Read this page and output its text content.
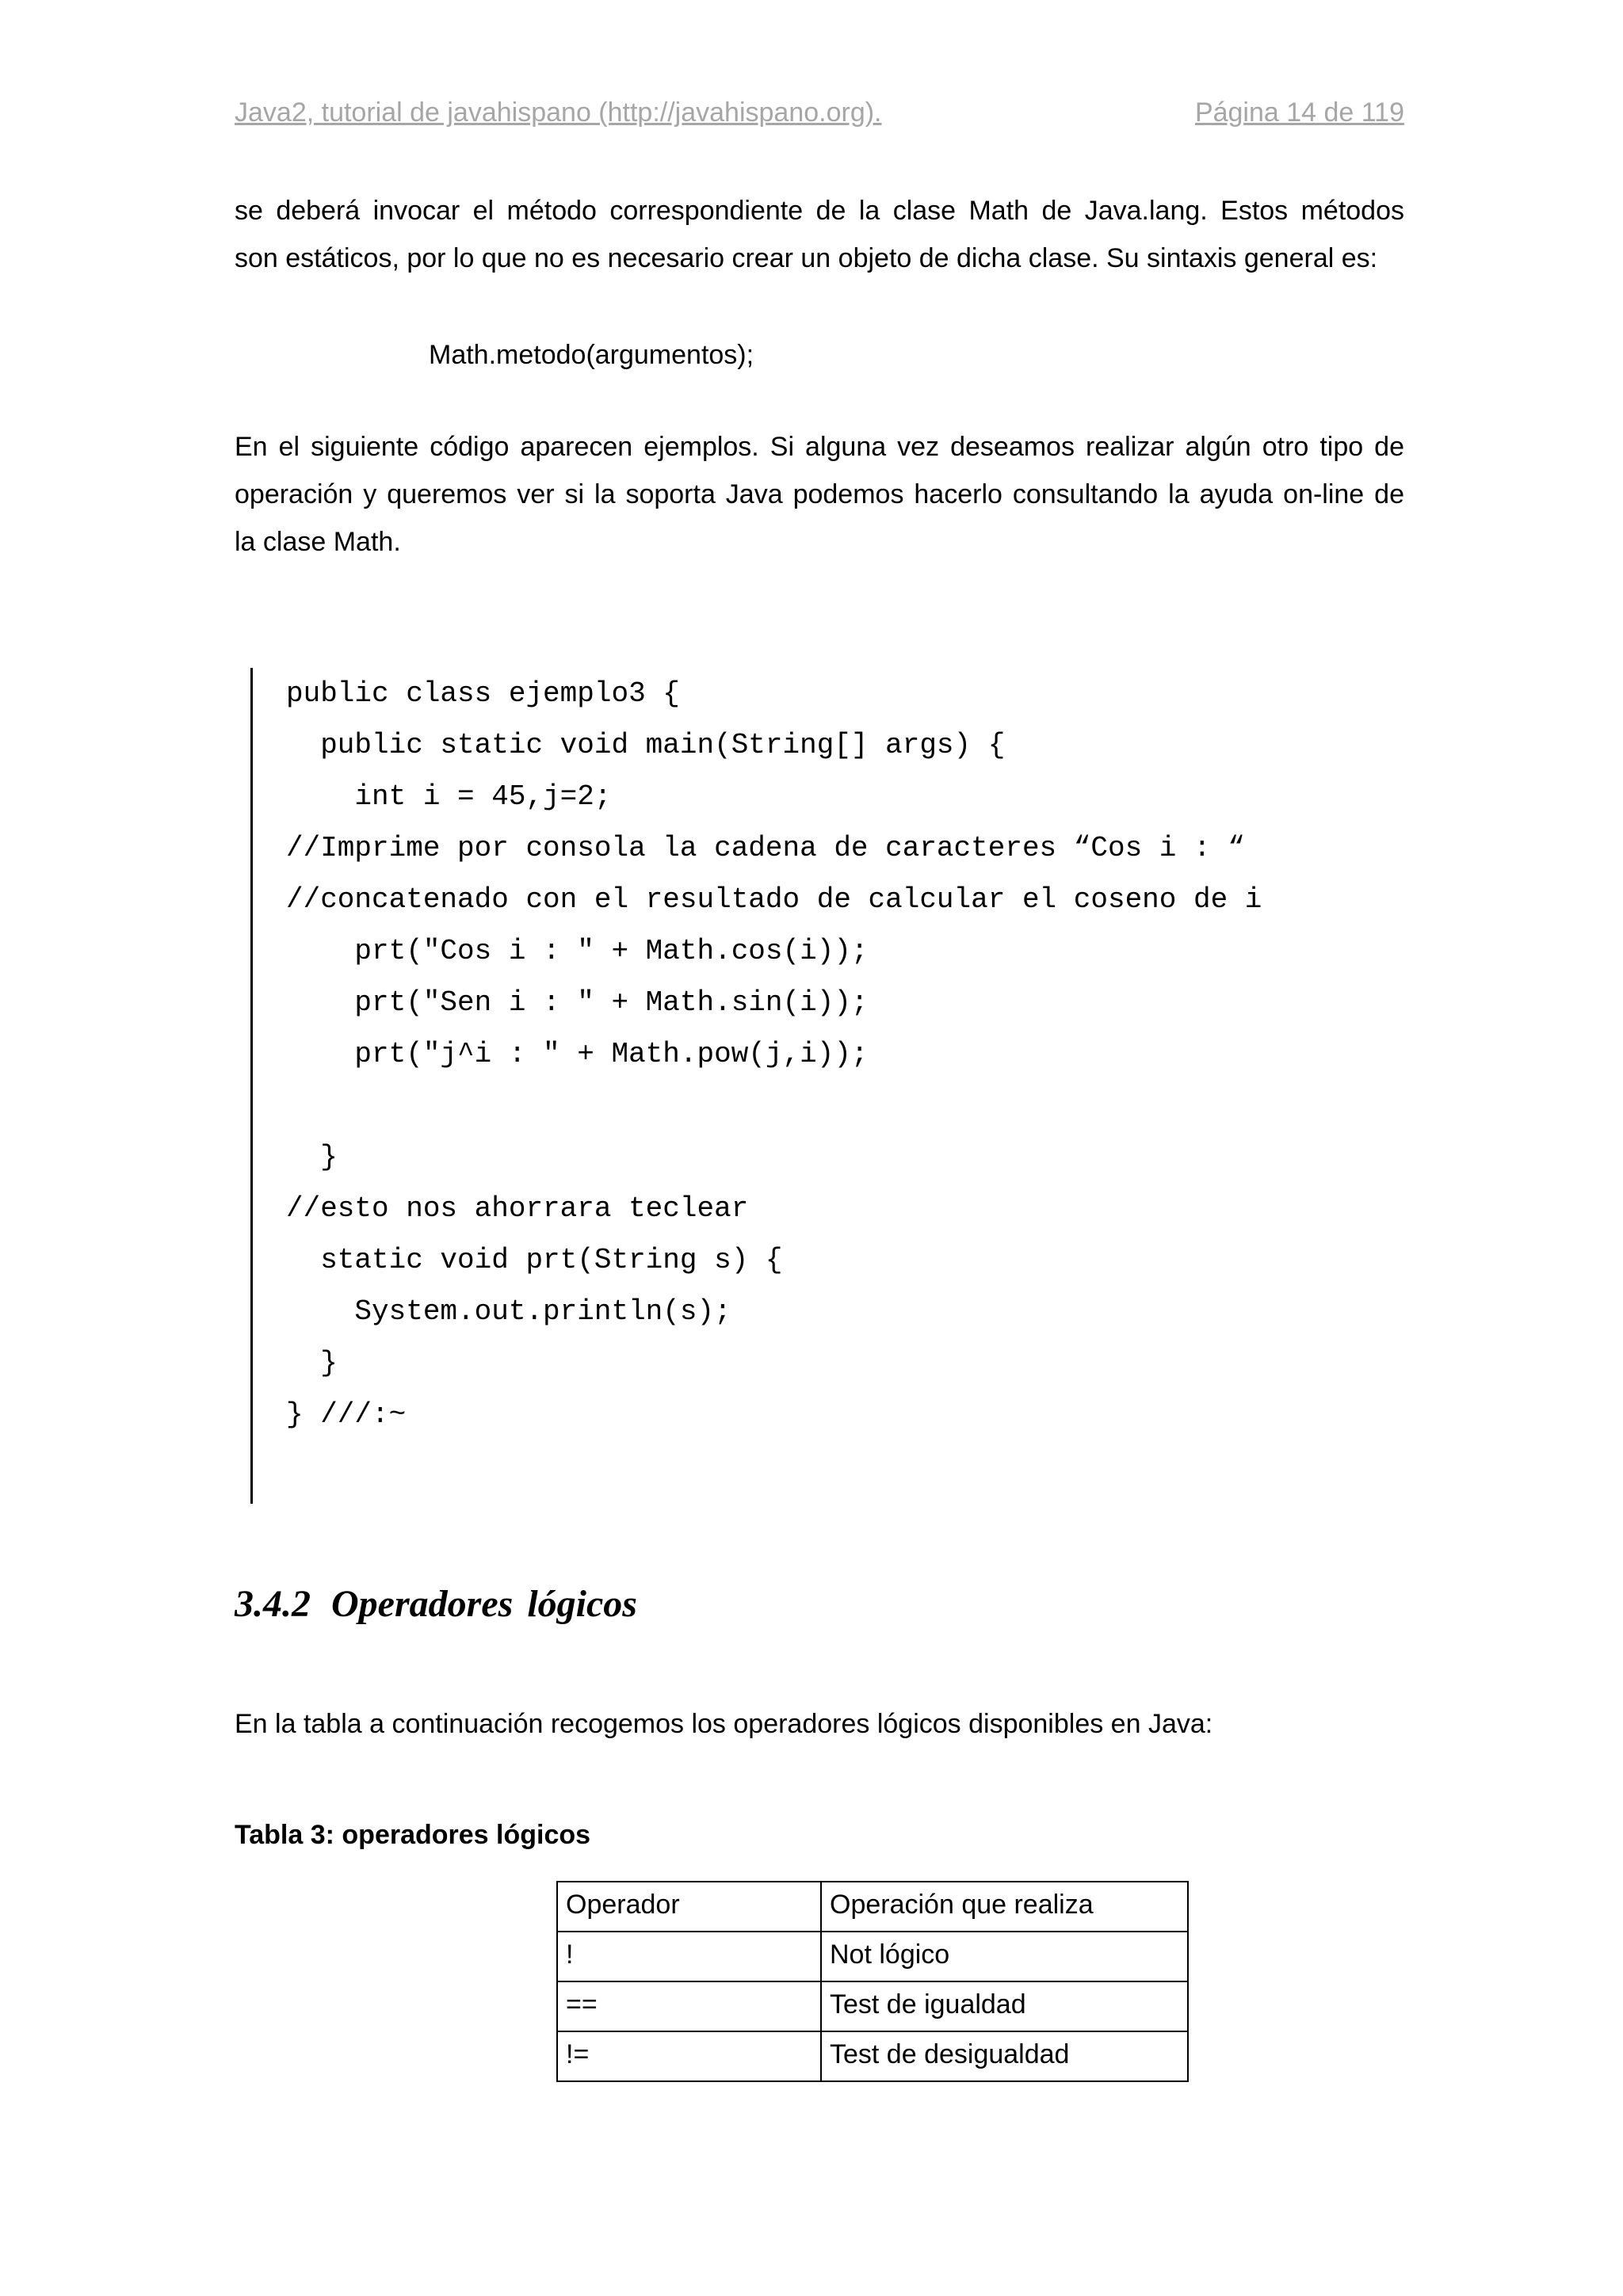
Java2, tutorial de javahispano (http://javahispano.org).	Página 14 de 119

se deberá invocar el método correspondiente de la clase Math de Java.lang. Estos métodos
son estáticos, por lo que no es necesario crear un objeto de dicha clase. Su sintaxis general es:

Math.metodo(argumentos);

En el siguiente código aparecen ejemplos. Si alguna vez deseamos realizar algún otro tipo de
operación y queremos ver si la soporta Java podemos hacerlo consultando la ayuda on-line de
la clase Math.

public class ejemplo3 {
public static void main(String[] args) {
int i = 45,j=2;
//Imprime por consola la cadena de caracteres “Cos i : “
//concatenado con el resultado de calcular el coseno de i
prt("Cos i : " + Math.cos(i));
prt("Sen i : " + Math.sin(i));
prt("j^i : " + Math.pow(j,i));

}
//esto nos ahorrara teclear
static void prt(String s) {
System.out.println(s);
}
} ///:~
3.4.2 Operadores lógicos
En la tabla a continuación recogemos los operadores lógicos disponibles en Java:
Tabla 3: operadores lógicos
Operador	Operación que realiza
!	Not lógico
==	Test de igualdad
!=	Test de desigualdad
